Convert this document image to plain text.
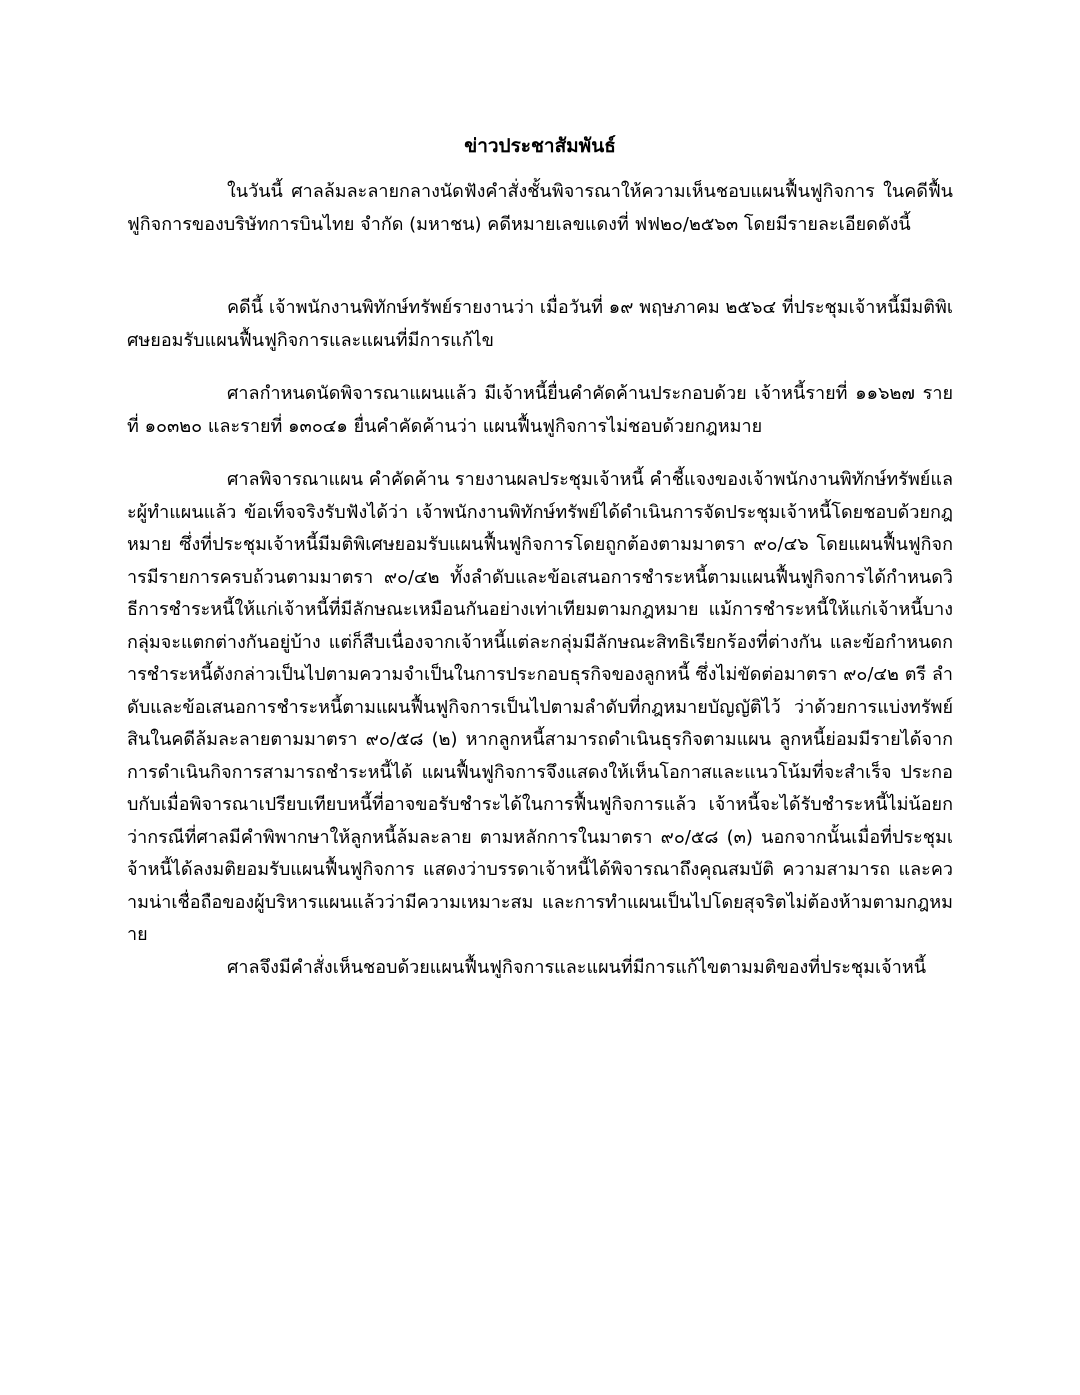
ข่าวประชาสัมพันธ์

ในวันนี้ ศาลล้มละลายกลางนัดฟังคำสั่งชั้นพิจารณาให้ความเห็นชอบแผนฟื้นฟูกิจการ ในคดีฟื้นฟูกิจการของบริษัทการบินไทย จำกัด (มหาชน) คดีหมายเลขแดงที่ ฟฟ๒๐/๒๕๖๓ โดยมีรายละเอียดดังนี้

คดีนี้ เจ้าพนักงานพิทักษ์ทรัพย์รายงานว่า เมื่อวันที่ ๑๙ พฤษภาคม ๒๕๖๔ ที่ประชุมเจ้าหนี้มีมติพิเศษยอมรับแผนฟื้นฟูกิจการและแผนที่มีการแก้ไข

ศาลกำหนดนัดพิจารณาแผนแล้ว มีเจ้าหนี้ยื่นคำคัดค้านประกอบด้วย เจ้าหนี้รายที่ ๑๑๖๒๗ รายที่ ๑๐๓๒๐ และรายที่ ๑๓๐๔๑ ยื่นคำคัดค้านว่า แผนฟื้นฟูกิจการไม่ชอบด้วยกฎหมาย

ศาลพิจารณาแผน คำคัดค้าน รายงานผลประชุมเจ้าหนี้ คำชี้แจงของเจ้าพนักงานพิทักษ์ทรัพย์และผู้ทำแผนแล้ว ข้อเท็จจริงรับฟังได้ว่า เจ้าพนักงานพิทักษ์ทรัพย์ได้ดำเนินการจัดประชุมเจ้าหนี้โดยชอบด้วยกฎหมาย ซึ่งที่ประชุมเจ้าหนี้มีมติพิเศษยอมรับแผนฟื้นฟูกิจการโดยถูกต้องตามมาตรา ๙๐/๔๖ โดยแผนฟื้นฟูกิจการมีรายการครบถ้วนตามมาตรา ๙๐/๔๒ ทั้งลำดับและข้อเสนอการชำระหนี้ตามแผนฟื้นฟูกิจการได้กำหนดวิธีการชำระหนี้ให้แก่เจ้าหนี้ที่มีลักษณะเหมือนกันอย่างเท่าเทียมตามกฎหมาย แม้การชำระหนี้ให้แก่เจ้าหนี้บางกลุ่มจะแตกต่างกันอยู่บ้าง แต่ก็สืบเนื่องจากเจ้าหนี้แต่ละกลุ่มมีลักษณะสิทธิเรียกร้องที่ต่างกัน และข้อกำหนดการชำระหนี้ดังกล่าวเป็นไปตามความจำเป็นในการประกอบธุรกิจของลูกหนี้ ซึ่งไม่ขัดต่อมาตรา ๙๐/๔๒ ตรี ลำดับและข้อเสนอการชำระหนี้ตามแผนฟื้นฟูกิจการเป็นไปตามลำดับที่กฎหมายบัญญัติไว้ ว่าด้วยการแบ่งทรัพย์สินในคดีล้มละลายตามมาตรา ๙๐/๕๘ (๒) หากลูกหนี้สามารถดำเนินธุรกิจตามแผน ลูกหนี้ย่อมมีรายได้จากการดำเนินกิจการสามารถชำระหนี้ได้ แผนฟื้นฟูกิจการจึงแสดงให้เห็นโอกาสและแนวโน้มที่จะสำเร็จ ประกอบกับเมื่อพิจารณาเปรียบเทียบหนี้ที่อาจขอรับชำระได้ในการฟื้นฟูกิจการแล้ว เจ้าหนี้จะได้รับชำระหนี้ไม่น้อยกว่ากรณีที่ศาลมีคำพิพากษาให้ลูกหนี้ล้มละลาย ตามหลักการในมาตรา ๙๐/๕๘ (๓) นอกจากนั้นเมื่อที่ประชุมเจ้าหนี้ได้ลงมติยอมรับแผนฟื้นฟูกิจการ แสดงว่าบรรดาเจ้าหนี้ได้พิจารณาถึงคุณสมบัติ ความสามารถ และความน่าเชื่อถือของผู้บริหารแผนแล้วว่ามีความเหมาะสม และการทำแผนเป็นไปโดยสุจริตไม่ต้องห้ามตามกฎหมาย

ศาลจึงมีคำสั่งเห็นชอบด้วยแผนฟื้นฟูกิจการและแผนที่มีการแก้ไขตามมติของที่ประชุมเจ้าหนี้
